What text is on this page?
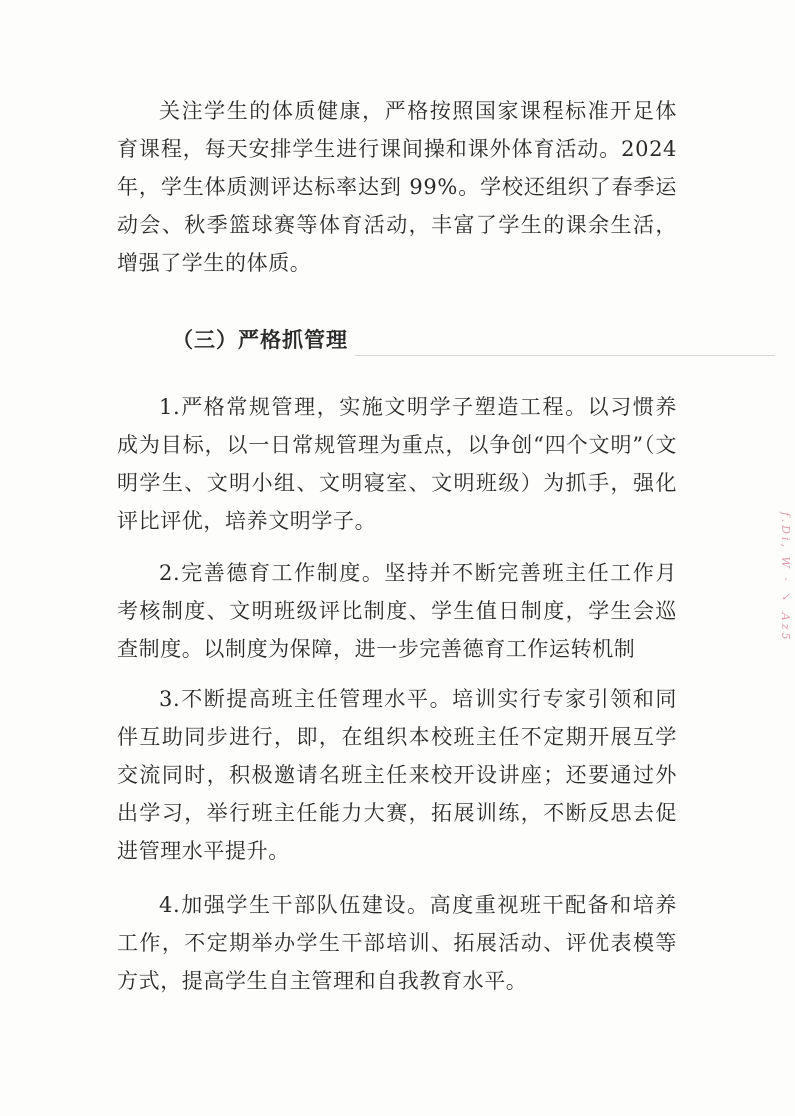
关注学生的体质健康，严格按照国家课程标准开足体育课程，每天安排学生进行课间操和课外体育活动。2024 年，学生体质测评达标率达到 99%。学校还组织了春季运动会、秋季篮球赛等体育活动，丰富了学生的课余生活，增强了学生的体质。

（三）严格抓管理

1.严格常规管理，实施文明学子塑造工程。以习惯养成为目标，以一日常规管理为重点，以争创“四个文明”（文明学生、文明小组、文明寝室、文明班级）为抓手，强化评比评优，培养文明学子。

2.完善德育工作制度。坚持并不断完善班主任工作月考核制度、文明班级评比制度、学生值日制度，学生会巡查制度。以制度为保障，进一步完善德育工作运转机制

3.不断提高班主任管理水平。培训实行专家引领和同伴互助同步进行，即，在组织本校班主任不定期开展互学交流同时，积极邀请名班主任来校开设讲座；还要通过外出学习，举行班主任能力大赛，拓展训练，不断反思去促进管理水平提升。

4.加强学生干部队伍建设。高度重视班干配备和培养工作，不定期举办学生干部培训、拓展活动、评优表模等方式，提高学生自主管理和自我教育水平。

f.Di, W · ✓ Az5
